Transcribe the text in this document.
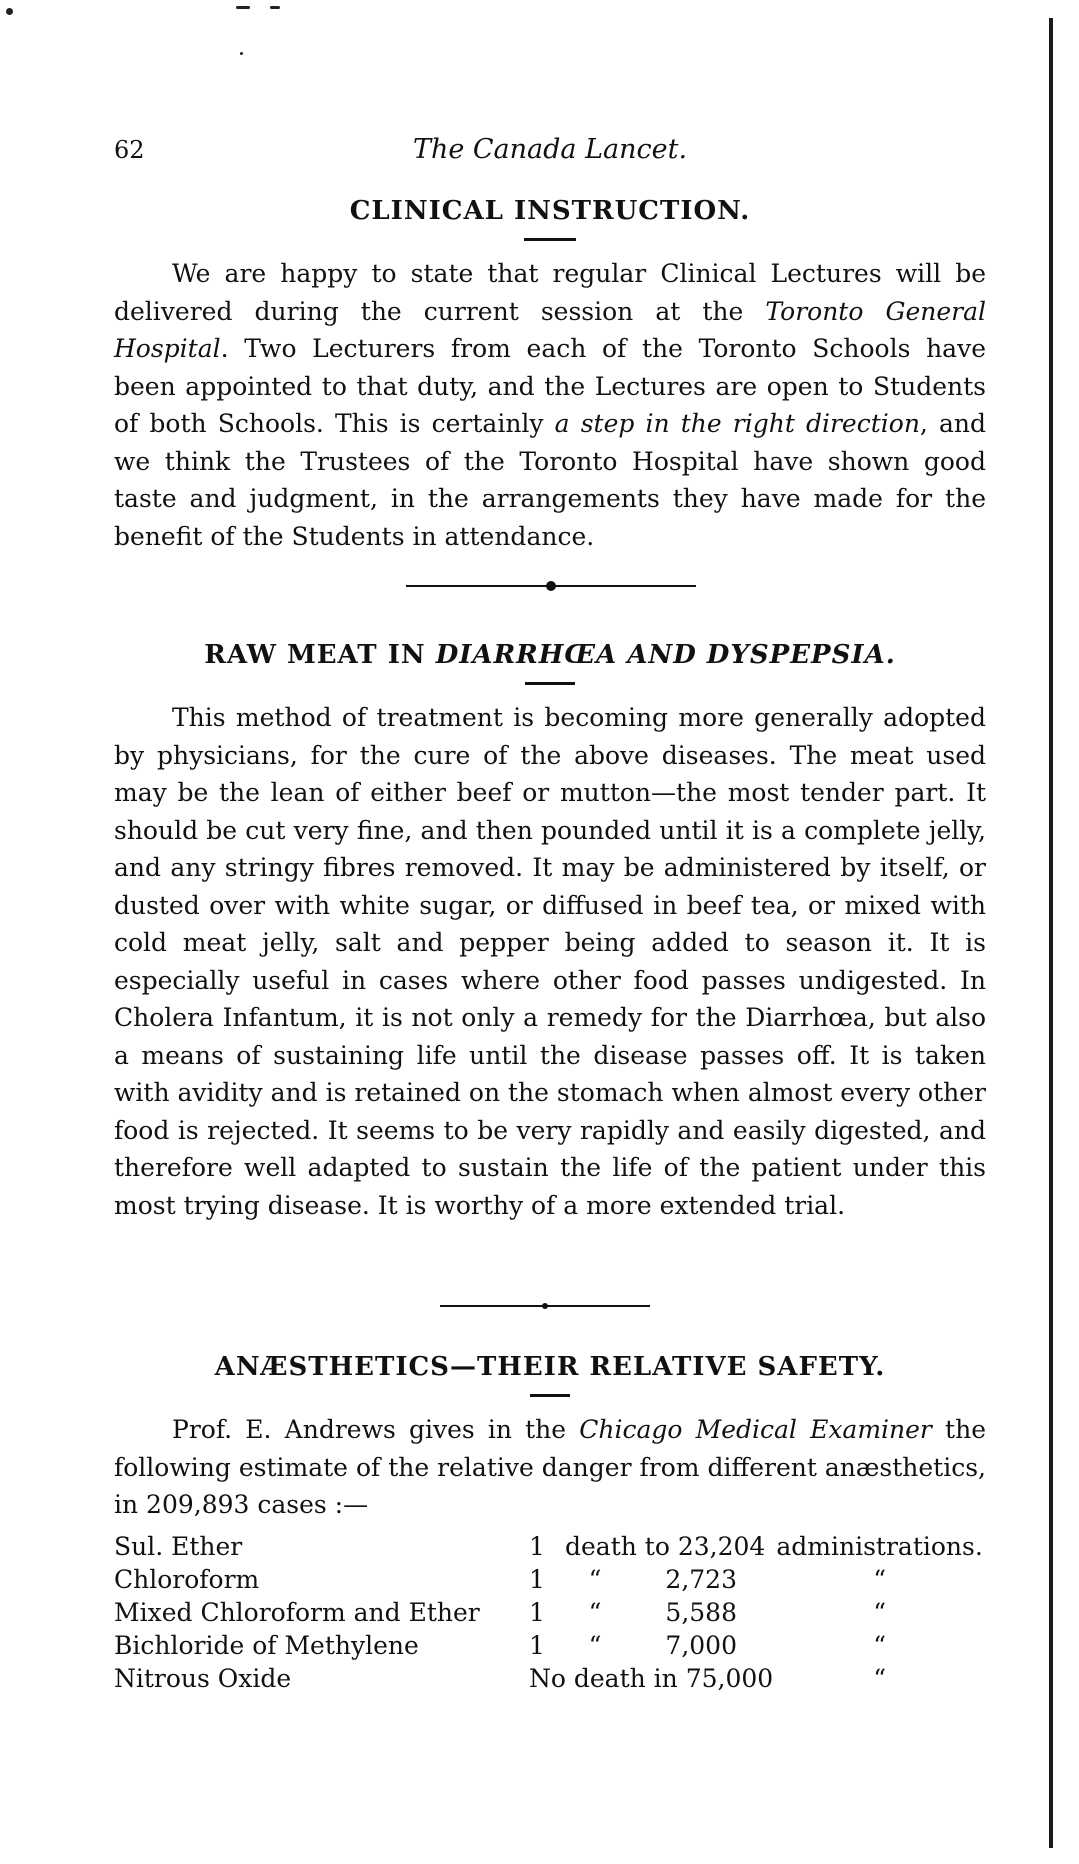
62	The Canada Lancet.
CLINICAL INSTRUCTION.

We are happy to state that regular Clinical Lectures will be delivered during the current session at the Toronto General Hospital. Two Lecturers from each of the Toronto Schools have been appointed to that duty, and the Lectures are open to Students of both Schools. This is certainly a step in the right direction, and we think the Trustees of the Toronto Hospital have shown good taste and judgment, in the arrangements they have made for the benefit of the Students in attendance.

RAW MEAT IN DIARRHŒA AND DYSPEPSIA.

This method of treatment is becoming more generally adopted by physicians, for the cure of the above diseases. The meat used may be the lean of either beef or mutton—the most tender part. It should be cut very fine, and then pounded until it is a complete jelly, and any stringy fibres removed. It may be administered by itself, or dusted over with white sugar, or diffused in beef tea, or mixed with cold meat jelly, salt and pepper being added to season it. It is especially useful in cases where other food passes undigested. In Cholera Infantum, it is not only a remedy for the Diarrhœa, but also a means of sustaining life until the disease passes off. It is taken with avidity and is retained on the stomach when almost every other food is rejected. It seems to be very rapidly and easily digested, and therefore well adapted to sustain the life of the patient under this most trying disease. It is worthy of a more extended trial.

ANÆSTHETICS—THEIR RELATIVE SAFETY.

Prof. E. Andrews gives in the Chicago Medical Examiner the following estimate of the relative danger from different anæsthetics, in 209,893 cases :—

Sul. Ether	1 death to 23,204	administrations.
Chloroform	1 “ 2,723	“
Mixed Chloroform and Ether	1 “ 5,588	“
Bichloride of Methylene	1 “ 7,000	“
Nitrous Oxide	No death in 75,000	“
